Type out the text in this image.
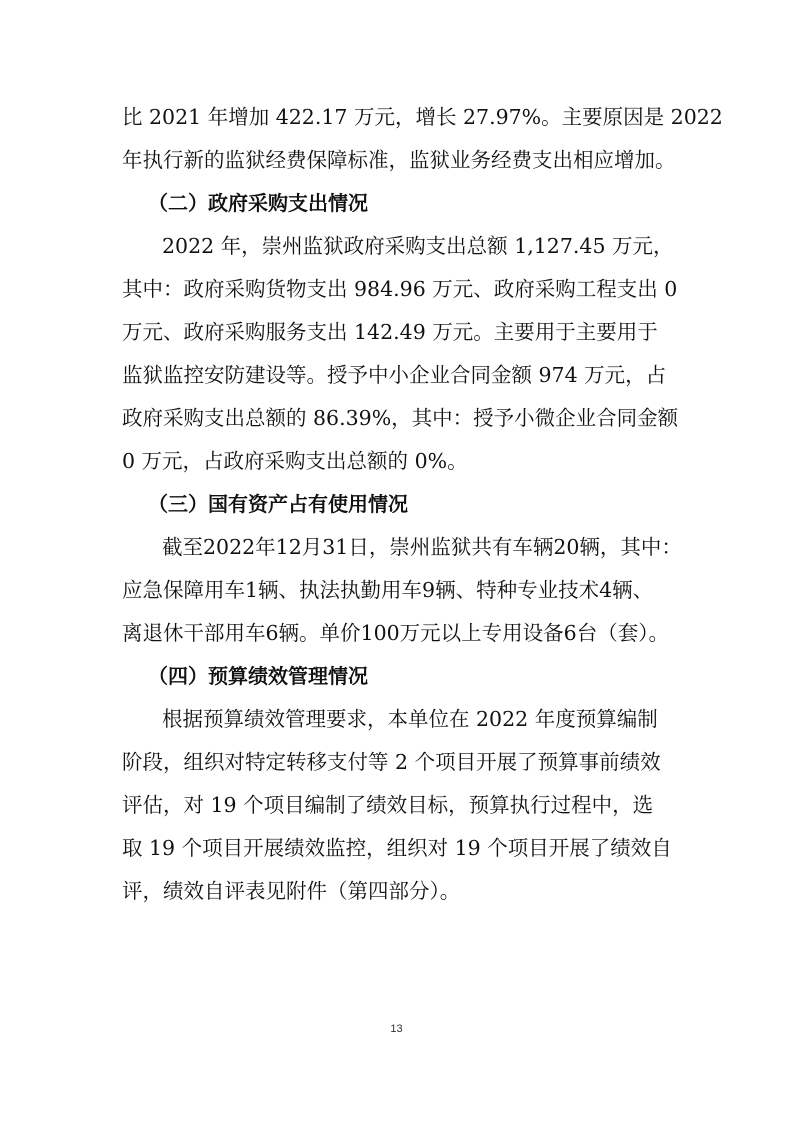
比 2021 年增加 422.17 万元，增长 27.97%。主要原因是 2022
年执行新的监狱经费保障标准，监狱业务经费支出相应增加。
（二）政府采购支出情况
2022 年，崇州监狱政府采购支出总额 1,127.45 万元，
其中：政府采购货物支出 984.96 万元、政府采购工程支出 0
万元、政府采购服务支出 142.49 万元。主要用于主要用于
监狱监控安防建设等。授予中小企业合同金额 974 万元，占
政府采购支出总额的 86.39%，其中：授予小微企业合同金额
0 万元，占政府采购支出总额的 0%。
（三）国有资产占有使用情况
截至2022年12月31日，崇州监狱共有车辆20辆，其中：
应急保障用车1辆、执法执勤用车9辆、特种专业技术4辆、
离退休干部用车6辆。单价100万元以上专用设备6台（套）。
（四）预算绩效管理情况
根据预算绩效管理要求，本单位在 2022 年度预算编制
阶段，组织对特定转移支付等 2 个项目开展了预算事前绩效
评估，对 19 个项目编制了绩效目标，预算执行过程中，选
取 19 个项目开展绩效监控，组织对 19 个项目开展了绩效自
评，绩效自评表见附件（第四部分）。
13
